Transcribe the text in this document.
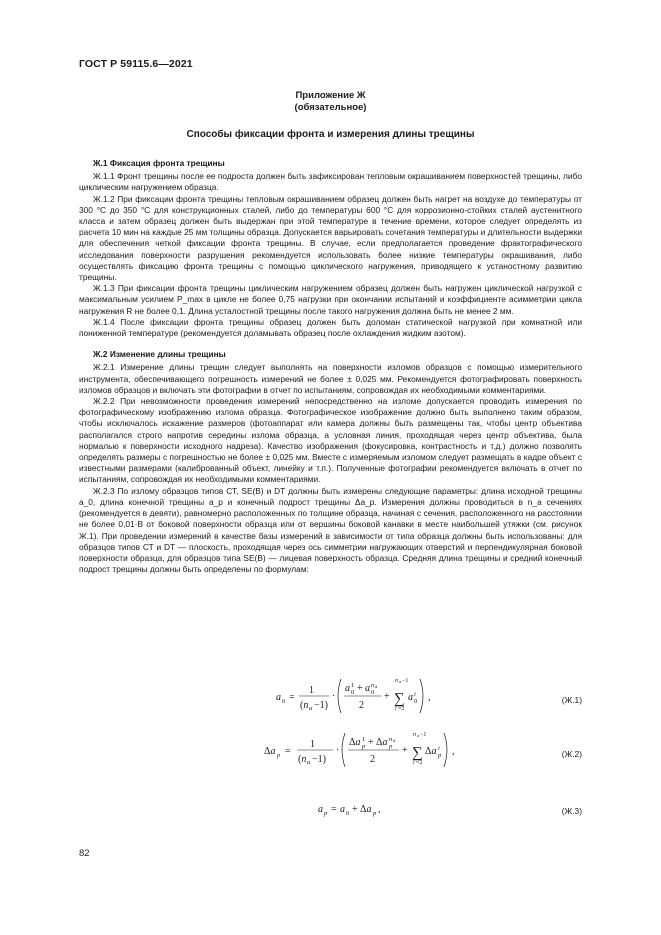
ГОСТ Р 59115.6—2021
Приложение Ж
(обязательное)
Способы фиксации фронта и измерения длины трещины
Ж.1 Фиксация фронта трещины

Ж.1.1 Фронт трещины после ее подроста должен быть зафиксирован тепловым окрашиванием поверхностей трещины, либо циклическим нагружением образца.

Ж.1.2 При фиксации фронта трещины тепловым окрашиванием образец должен быть нагрет на воздухе до температуры от 300 °С до 350 °С для конструкционных сталей, либо до температуры 600 °С для коррозионно-стойких сталей аустенитного класса и затем образец должен быть выдержан при этой температуре в течение времени, которое следует определять из расчета 10 мин на каждые 25 мм толщины образца. Допускается варьировать сочетания температуры и длительности выдержки для обеспечения четкой фиксации фронта трещины. В случае, если предполагается проведение фрактографического исследования поверхности разрушения рекомендуется использовать более низкие температуры окрашивания, либо осуществлять фиксацию фронта трещины с помощью циклического нагружения, приводящего к устаностному развитию трещины.

Ж.1.3 При фиксации фронта трещины циклическим нагружением образец должен быть нагружен циклической нагрузкой с максимальным усилием P_max в цикле не более 0,75 нагрузки при окончании испытаний и коэффициенте асимметрии цикла нагружения R не более 0,1. Длина усталостной трещины после такого нагружения должна быть не менее 2 мм.

Ж.1.4 После фиксации фронта трещины образец должен быть доломан статической нагрузкой при комнатной или пониженной температуре (рекомендуется доламывать образец после охлаждения жидким азотом).

Ж.2 Изменение длины трещины

Ж.2.1 Измерение длины трещин следует выполнять на поверхности изломов образцов с помощью измерительного инструмента, обеспечивающего погрешность измерений не более ± 0,025 мм. Рекомендуется фотографировать поверхность изломов образцов и включать эти фотографии в отчет по испытаниям, сопровождая их необходимыми комментариями.

Ж.2.2 При невозможности проведения измерений непосредственно на изломе допускается проводить измерения по фотографическому изображению излома образца. Фотографическое изображение должно быть выполнено таким образом, чтобы исключалось искажение размеров (фотоаппарат или камера должны быть размещены так, чтобы центр объектива располагался строго напротив середины излома образца, а условная линия, проходящая через центр объектива, была нормалью к поверхности исходного надреза). Качество изображения (фокусировка, контрастность и т.д.) должно позволять определять размеры с погрешностью не более ± 0,025 мм. Вместе с измеряемым изломом следует размещать в кадре объект с известными размерами (калиброванный объект, линейку и т.п.). Полученные фотографии рекомендуется включать в отчет по испытаниям, сопровождая их необходимыми комментариями.

Ж.2.3 По излому образцов типов СТ, SE(B) и DT должны быть измерены следующие параметры: длина исходной трещины a_0, длина конечной трещины a_p и конечный подрост трещины Δa_p. Измерения должны проводиться в n_a сечениях (рекомендуется в девяти), равномерно расположенных по толщине образца, начиная с сечения, расположенного на расстоянии не более 0,01·B от боковой поверхности образца или от вершины боковой канавки в месте наибольшей утяжки (см. рисунок Ж.1). При проведении измерений в качестве базы измерений в зависимости от типа образца должны быть использованы: для образцов типов СТ и DT — плоскость, проходящая через ось симметрии нагружающих отверстий и перпендикулярная боковой поверхности образца, для образцов типа SE(B) — лицевая поверхность образца. Средняя длина трещины и средний конечный подрост трещины должны быть определены по формулам:

a 0 =
1
(n a −1)
·
a 1
0 + a n a
0
2
+
n a −1
∑
i =2
a i
0 ,	(Ж.1)
Δa p =
1
(n a −1)
·
Δa 1
p + Δa n a
p
2
+
n a −1
∑
i =2
Δa i
p ,	(Ж.2)
a p = a 0 + Δa p ,	(Ж.3)
82
